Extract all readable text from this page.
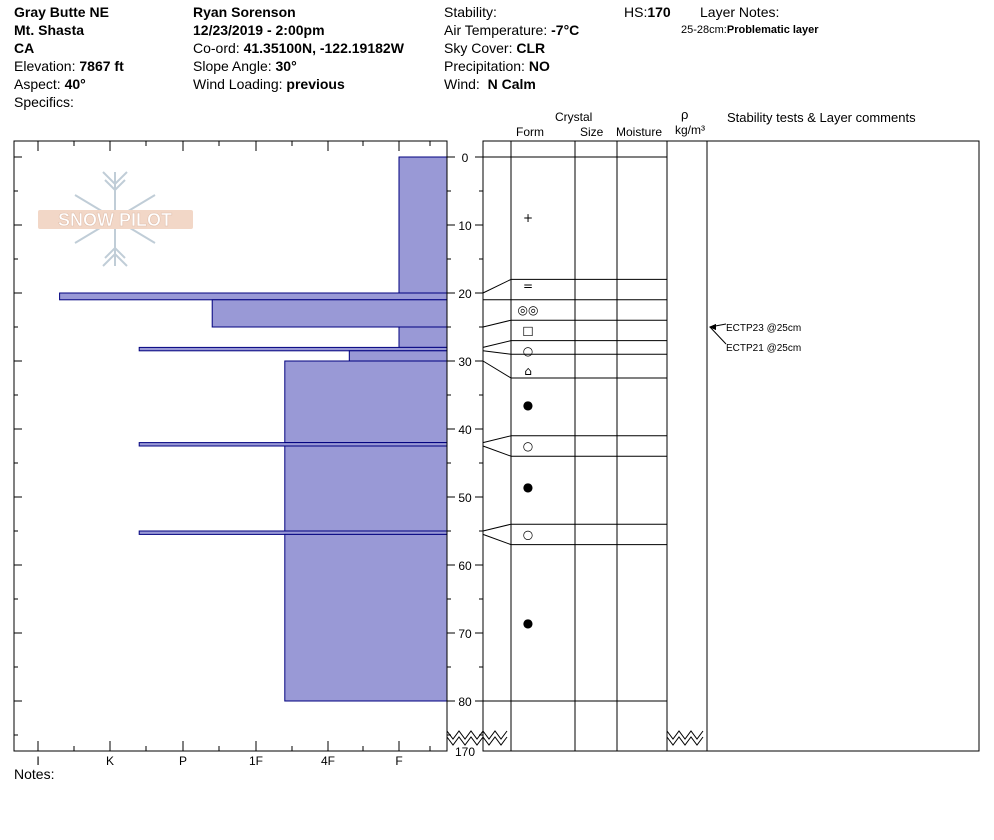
Gray Butte NE
Mt. Shasta
CA
Elevation: 7867 ft
Aspect: 40°
Specifics:
Ryan Sorenson
12/23/2019 - 2:00pm
Co-ord: 41.35100N, -122.19182W
Slope Angle: 30°
Wind Loading: previous
Stability:
Air Temperature: -7°C
Sky Cover: CLR
Precipitation: NO
Wind: N Calm
HS:170 Layer Notes:
25-28cm:Problematic layer
Crystal
Form	Size Moisture
ρ
kg/m³
Stability tests & Layer comments
Notes:
SNOW PILOT
I	K	P	1F	4F	F
0
10
20
30
40
50
60
70
80
170
+
=
◎◎
□
○
⌂
●
○
●
○
●
ECTP23 @25cm
ECTP21 @25cm
